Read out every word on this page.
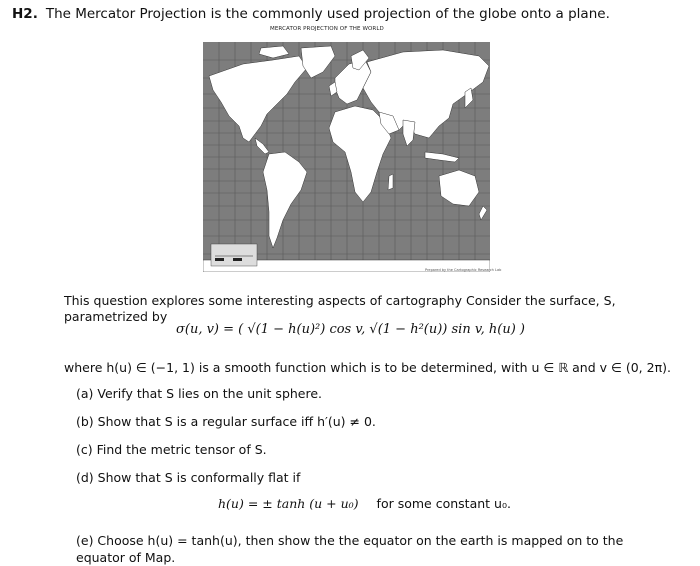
H2. The Mercator Projection is the commonly used projection of the globe onto a plane.
MERCATOR PROJECTION OF THE WORLD
Prepared by the Cartographic Research Lab
This question explores some interesting aspects of cartography Consider the surface, S, parametrized by
σ(u, v) = ( √(1 − h(u)²) cos v, √(1 − h²(u)) sin v, h(u) )
where h(u) ∈ (−1, 1) is a smooth function which is to be determined, with u ∈ ℝ and v ∈ (0, 2π).
(a) Verify that S lies on the unit sphere.
(b) Show that S is a regular surface iff h′(u) ≠ 0.
(c) Find the metric tensor of S.
(d) Show that S is conformally flat if
h(u) = ± tanh (u + u₀) for some constant u₀.
(e) Choose h(u) = tanh(u), then show the the equator on the earth is mapped on to the equator of Map.
